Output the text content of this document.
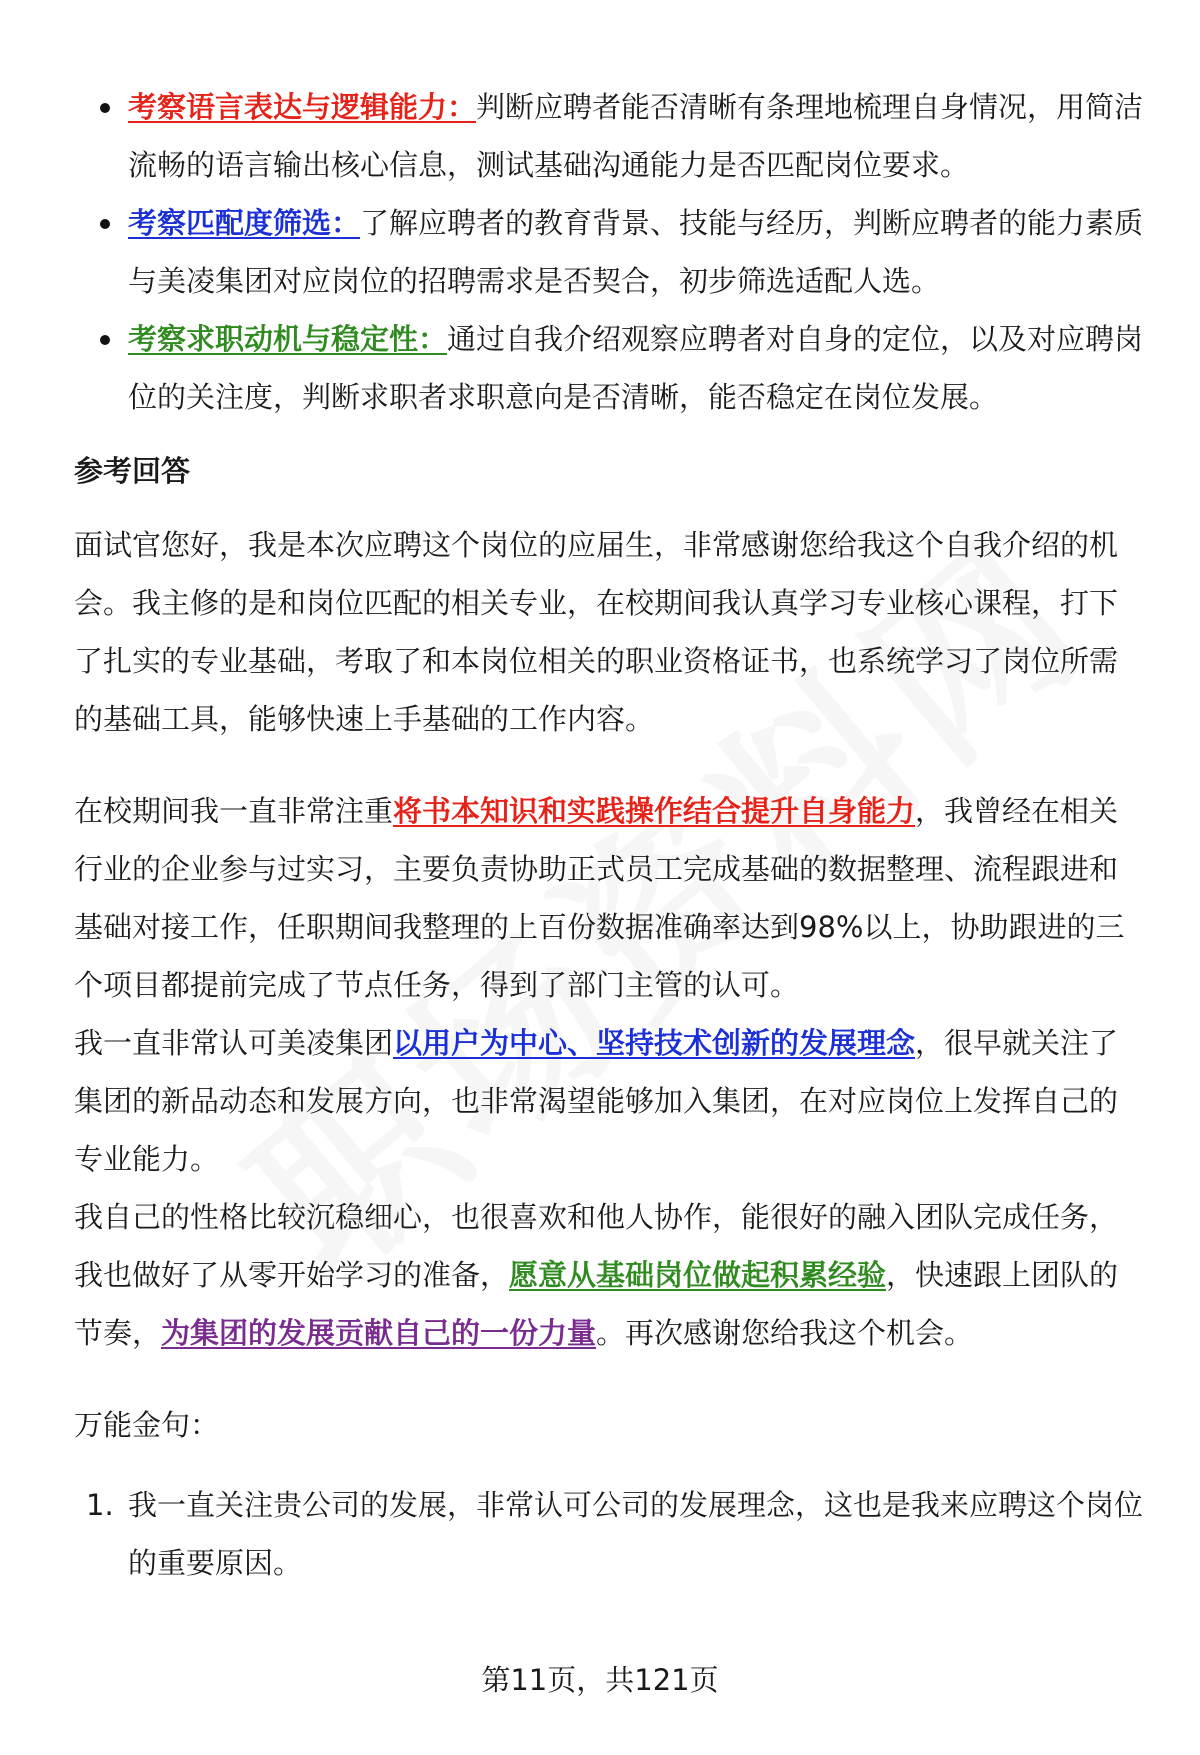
考察语言表达与逻辑能力：判断应聘者能否清晰有条理地梳理自身情况，用简洁流畅的语言输出核心信息，测试基础沟通能力是否匹配岗位要求。
考察匹配度筛选：了解应聘者的教育背景、技能与经历，判断应聘者的能力素质与美凌集团对应岗位的招聘需求是否契合，初步筛选适配人选。
考察求职动机与稳定性：通过自我介绍观察应聘者对自身的定位，以及对应聘岗位的关注度，判断求职者求职意向是否清晰，能否稳定在岗位发展。
参考回答

面试官您好，我是本次应聘这个岗位的应届生，非常感谢您给我这个自我介绍的机会。我主修的是和岗位匹配的相关专业，在校期间我认真学习专业核心课程，打下了扎实的专业基础，考取了和本岗位相关的职业资格证书，也系统学习了岗位所需的基础工具，能够快速上手基础的工作内容。

在校期间我一直非常注重将书本知识和实践操作结合提升自身能力，我曾经在相关行业的企业参与过实习，主要负责协助正式员工完成基础的数据整理、流程跟进和基础对接工作，任职期间我整理的上百份数据准确率达到98%以上，协助跟进的三个项目都提前完成了节点任务，得到了部门主管的认可。

我一直非常认可美凌集团以用户为中心、坚持技术创新的发展理念，很早就关注了集团的新品动态和发展方向，也非常渴望能够加入集团，在对应岗位上发挥自己的专业能力。

我自己的性格比较沉稳细心，也很喜欢和他人协作，能很好的融入团队完成任务，我也做好了从零开始学习的准备，愿意从基础岗位做起积累经验，快速跟上团队的节奏，为集团的发展贡献自己的一份力量。再次感谢您给我这个机会。

万能金句：

1. 我一直关注贵公司的发展，非常认可公司的发展理念，这也是我来应聘这个岗位的重要原因。
第11页，共121页
